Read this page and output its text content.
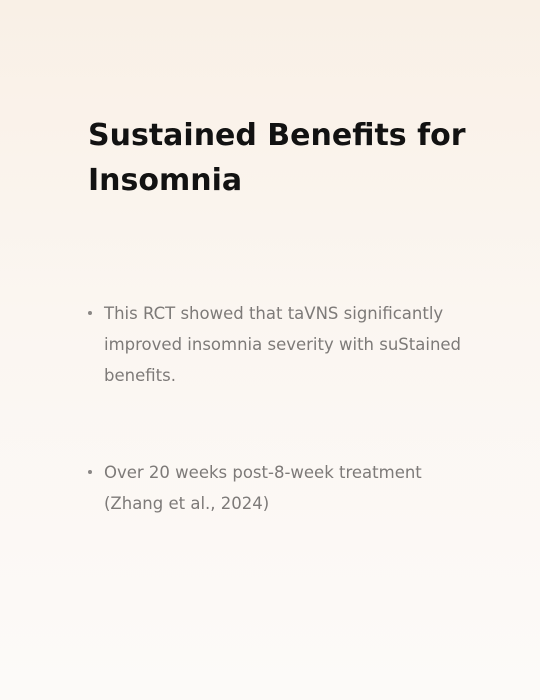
Sustained Benefits for Insomnia
This RCT showed that taVNS significantly improved insomnia severity with suStained benefits.
Over 20 weeks post-8-week treatment (Zhang et al., 2024)
